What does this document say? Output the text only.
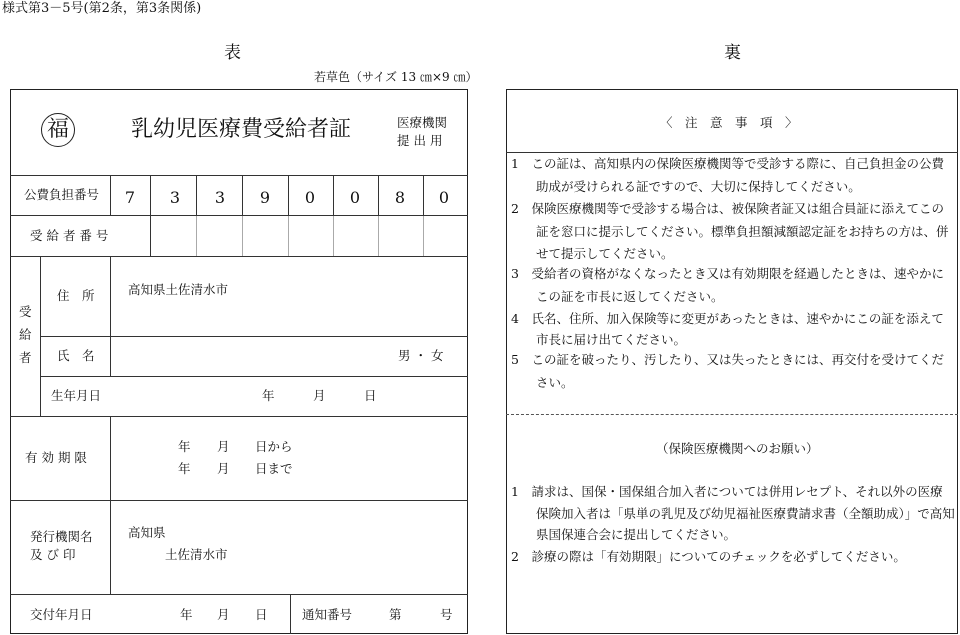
様式第3－5号(第2条，第3条関係)
表	裏
若草色（サイズ 13 ㎝×9 ㎝）
福	乳幼児医療費受給者証	医療機関
提 出 用
公費負担番号	7	3	3	9	0	0	8	0
受 給 者 番 号
受
給
者
住　所	高知県土佐清水市
氏　名	男 ・ 女
生年月日	年	月	日
有 効 期 限
年 月 日から
年 月 日まで
発行機関名
及 び 印
高知県
土佐清水市
交付年月日	年 月 日	通知番号	第	号
〈　注　意　事　項　〉
1　この証は、高知県内の保険医療機関等で受診する際に、自己負担金の公費
　　助成が受けられる証ですので、大切に保持してください。
2　保険医療機関等で受診する場合は、被保険者証又は組合員証に添えてこの
　　証を窓口に提示してください。標準負担額減額認定証をお持ちの方は、併
　　せて提示してください。
3　受給者の資格がなくなったとき又は有効期限を経過したときは、速やかに
　　この証を市長に返してください。
4　氏名、住所、加入保険等に変更があったときは、速やかにこの証を添えて
　　市長に届け出てください。
5　この証を破ったり、汚したり、又は失ったときには、再交付を受けてくだ
　　さい。
（保険医療機関へのお願い）
1　請求は、国保・国保組合加入者については併用レセプト、それ以外の医療
　　保険加入者は「県単の乳児及び幼児福祉医療費請求書（全額助成）」で高知
　　県国保連合会に提出してください。
2　診療の際は「有効期限」についてのチェックを必ずしてください。
